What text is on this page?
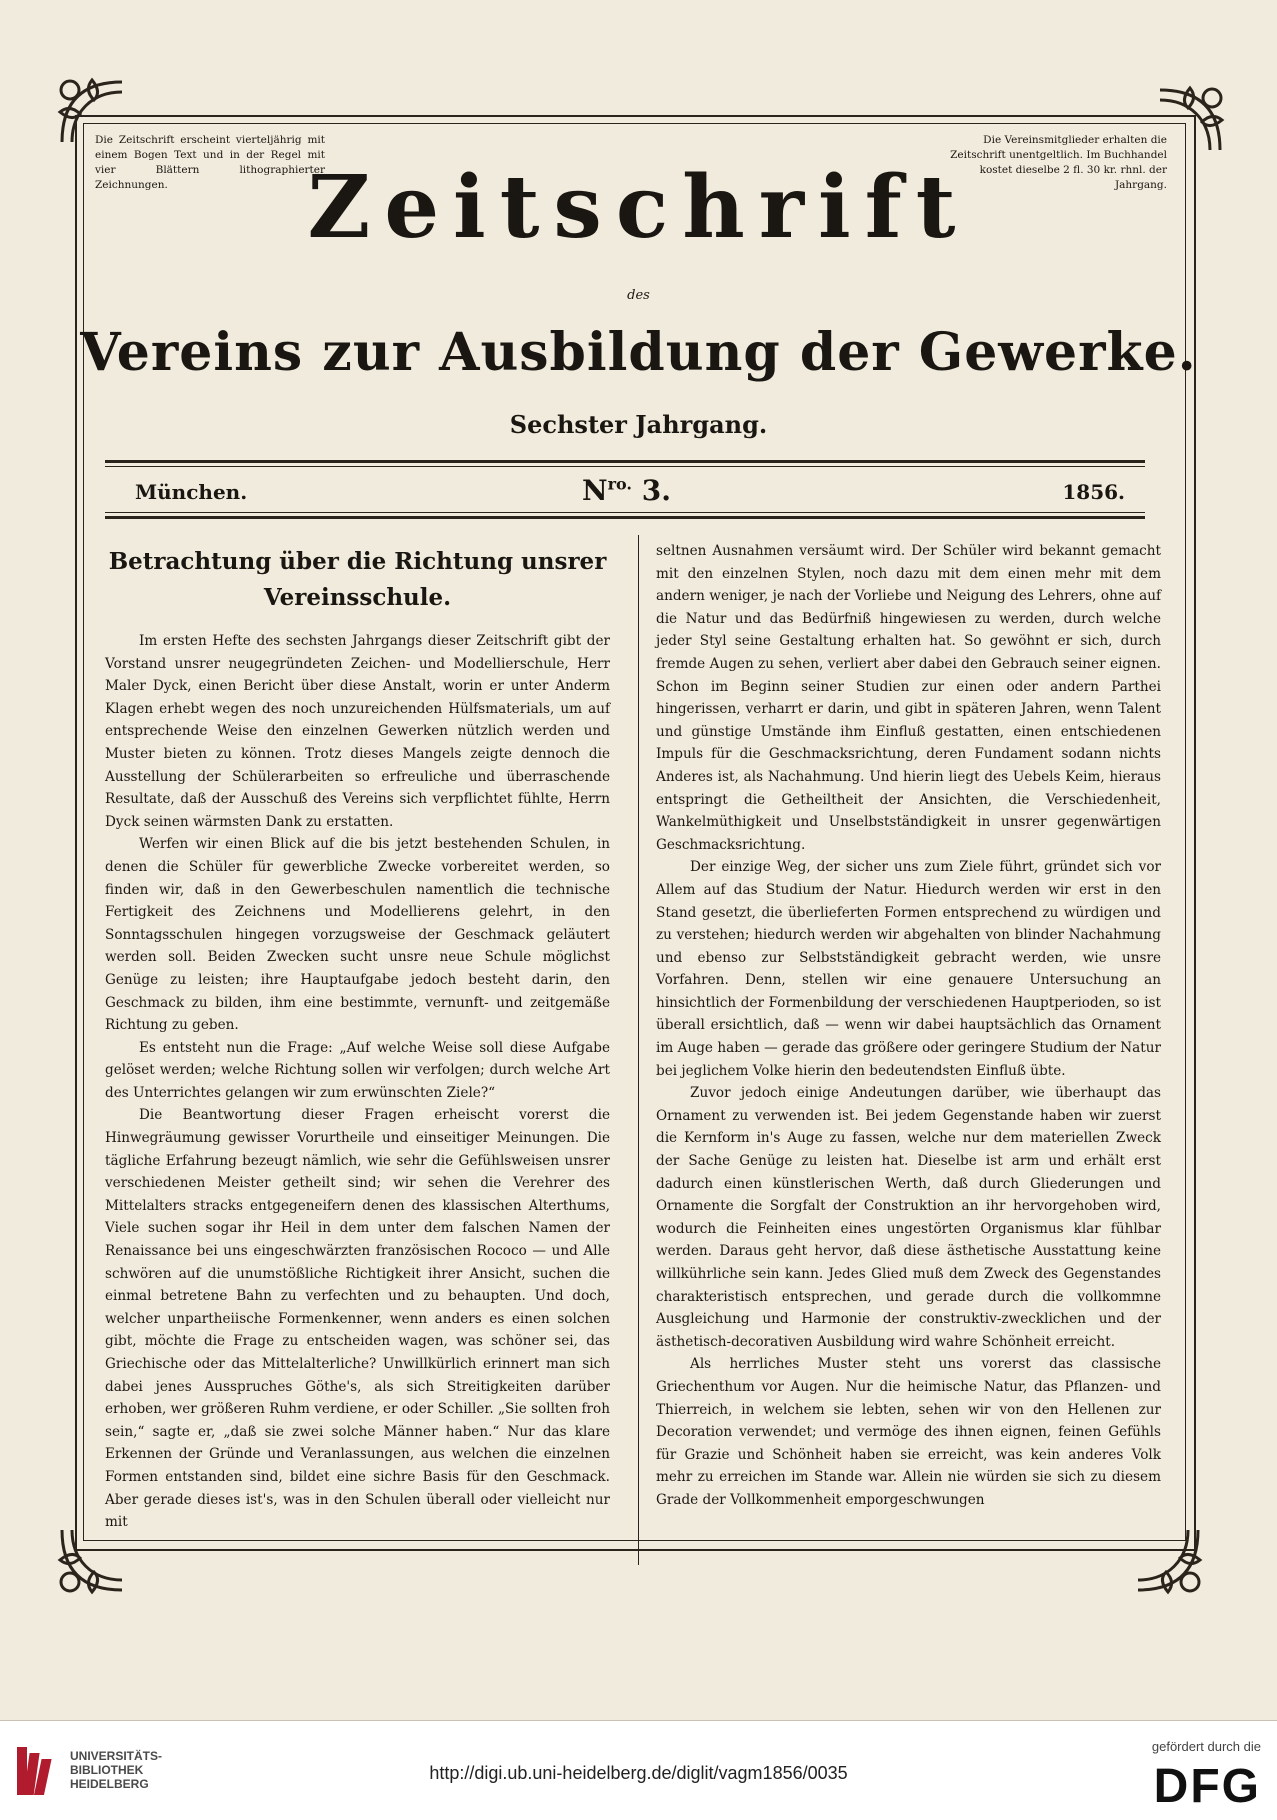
Die Zeitschrift erscheint vierteljährig mit einem Bogen Text und in der Regel mit vier Blättern lithographierter Zeichnungen.
Die Vereinsmitglieder erhalten die Zeitschrift unentgeltlich. Im Buchhandel kostet dieselbe 2 fl. 30 kr. rhnl. der Jahrgang.
Zeitschrift
des
Vereins zur Ausbildung der Gewerke.
Sechster Jahrgang.
München.	$N^{ro.}$ 3.	1856.
Betrachtung über die Richtung unsrer Vereinsschule.

Im ersten Hefte des sechsten Jahrgangs dieser Zeitschrift gibt der Vorstand unsrer neugegründeten Zeichen- und Modellierschule, Herr Maler Dyck, einen Bericht über diese Anstalt, worin er unter Anderm Klagen erhebt wegen des noch unzureichenden Hülfsmaterials, um auf entsprechende Weise den einzelnen Gewerken nützlich werden und Muster bieten zu können. Trotz dieses Mangels zeigte dennoch die Ausstellung der Schülerarbeiten so erfreuliche und überraschende Resultate, daß der Ausschuß des Vereins sich verpflichtet fühlte, Herrn Dyck seinen wärmsten Dank zu erstatten.

Werfen wir einen Blick auf die bis jetzt bestehenden Schulen, in denen die Schüler für gewerbliche Zwecke vorbereitet werden, so finden wir, daß in den Gewerbeschulen namentlich die technische Fertigkeit des Zeichnens und Modellierens gelehrt, in den Sonntagsschulen hingegen vorzugsweise der Geschmack geläutert werden soll. Beiden Zwecken sucht unsre neue Schule möglichst Genüge zu leisten; ihre Hauptaufgabe jedoch besteht darin, den Geschmack zu bilden, ihm eine bestimmte, vernunft- und zeitgemäße Richtung zu geben.

Es entsteht nun die Frage: „Auf welche Weise soll diese Aufgabe gelöset werden; welche Richtung sollen wir verfolgen; durch welche Art des Unterrichtes gelangen wir zum erwünschten Ziele?“

Die Beantwortung dieser Fragen erheischt vorerst die Hinwegräumung gewisser Vorurtheile und einseitiger Meinungen. Die tägliche Erfahrung bezeugt nämlich, wie sehr die Gefühlsweisen unsrer verschiedenen Meister getheilt sind; wir sehen die Verehrer des Mittelalters stracks entgegeneifern denen des klassischen Alterthums, Viele suchen sogar ihr Heil in dem unter dem falschen Namen der Renaissance bei uns eingeschwärzten französischen Rococo — und Alle schwören auf die unumstößliche Richtigkeit ihrer Ansicht, suchen die einmal betretene Bahn zu verfechten und zu behaupten. Und doch, welcher unpartheiische Formenkenner, wenn anders es einen solchen gibt, möchte die Frage zu entscheiden wagen, was schöner sei, das Griechische oder das Mittelalterliche? Unwillkürlich erinnert man sich dabei jenes Ausspruches Göthe's, als sich Streitigkeiten darüber erhoben, wer größeren Ruhm verdiene, er oder Schiller. „Sie sollten froh sein,“ sagte er, „daß sie zwei solche Männer haben.“ Nur das klare Erkennen der Gründe und Veranlassungen, aus welchen die einzelnen Formen entstanden sind, bildet eine sichre Basis für den Geschmack. Aber gerade dieses ist's, was in den Schulen überall oder vielleicht nur mit

seltnen Ausnahmen versäumt wird. Der Schüler wird bekannt gemacht mit den einzelnen Stylen, noch dazu mit dem einen mehr mit dem andern weniger, je nach der Vorliebe und Neigung des Lehrers, ohne auf die Natur und das Bedürfniß hingewiesen zu werden, durch welche jeder Styl seine Gestaltung erhalten hat. So gewöhnt er sich, durch fremde Augen zu sehen, verliert aber dabei den Gebrauch seiner eignen. Schon im Beginn seiner Studien zur einen oder andern Parthei hingerissen, verharrt er darin, und gibt in späteren Jahren, wenn Talent und günstige Umstände ihm Einfluß gestatten, einen entschiedenen Impuls für die Geschmacksrichtung, deren Fundament sodann nichts Anderes ist, als Nachahmung. Und hierin liegt des Uebels Keim, hieraus entspringt die Getheiltheit der Ansichten, die Verschiedenheit, Wankelmüthigkeit und Unselbstständigkeit in unsrer gegenwärtigen Geschmacksrichtung.

Der einzige Weg, der sicher uns zum Ziele führt, gründet sich vor Allem auf das Studium der Natur. Hiedurch werden wir erst in den Stand gesetzt, die überlieferten Formen entsprechend zu würdigen und zu verstehen; hiedurch werden wir abgehalten von blinder Nachahmung und ebenso zur Selbstständigkeit gebracht werden, wie unsre Vorfahren. Denn, stellen wir eine genauere Untersuchung an hinsichtlich der Formenbildung der verschiedenen Hauptperioden, so ist überall ersichtlich, daß — wenn wir dabei hauptsächlich das Ornament im Auge haben — gerade das größere oder geringere Studium der Natur bei jeglichem Volke hierin den bedeutendsten Einfluß übte.

Zuvor jedoch einige Andeutungen darüber, wie überhaupt das Ornament zu verwenden ist. Bei jedem Gegenstande haben wir zuerst die Kernform in's Auge zu fassen, welche nur dem materiellen Zweck der Sache Genüge zu leisten hat. Dieselbe ist arm und erhält erst dadurch einen künstlerischen Werth, daß durch Gliederungen und Ornamente die Sorgfalt der Construktion an ihr hervorgehoben wird, wodurch die Feinheiten eines ungestörten Organismus klar fühlbar werden. Daraus geht hervor, daß diese ästhetische Ausstattung keine willkührliche sein kann. Jedes Glied muß dem Zweck des Gegenstandes charakteristisch entsprechen, und gerade durch die vollkommne Ausgleichung und Harmonie der construktiv-zwecklichen und der ästhetisch-decorativen Ausbildung wird wahre Schönheit erreicht.

Als herrliches Muster steht uns vorerst das classische Griechenthum vor Augen. Nur die heimische Natur, das Pflanzen- und Thierreich, in welchem sie lebten, sehen wir von den Hellenen zur Decoration verwendet; und vermöge des ihnen eignen, feinen Gefühls für Grazie und Schönheit haben sie erreicht, was kein anderes Volk mehr zu erreichen im Stande war. Allein nie würden sie sich zu diesem Grade der Vollkommenheit emporgeschwungen

UNIVERSITÄTS-
BIBLIOTHEK
HEIDELBERG
http://digi.ub.uni-heidelberg.de/diglit/vagm1856/0035
gefördert durch die
DFG
